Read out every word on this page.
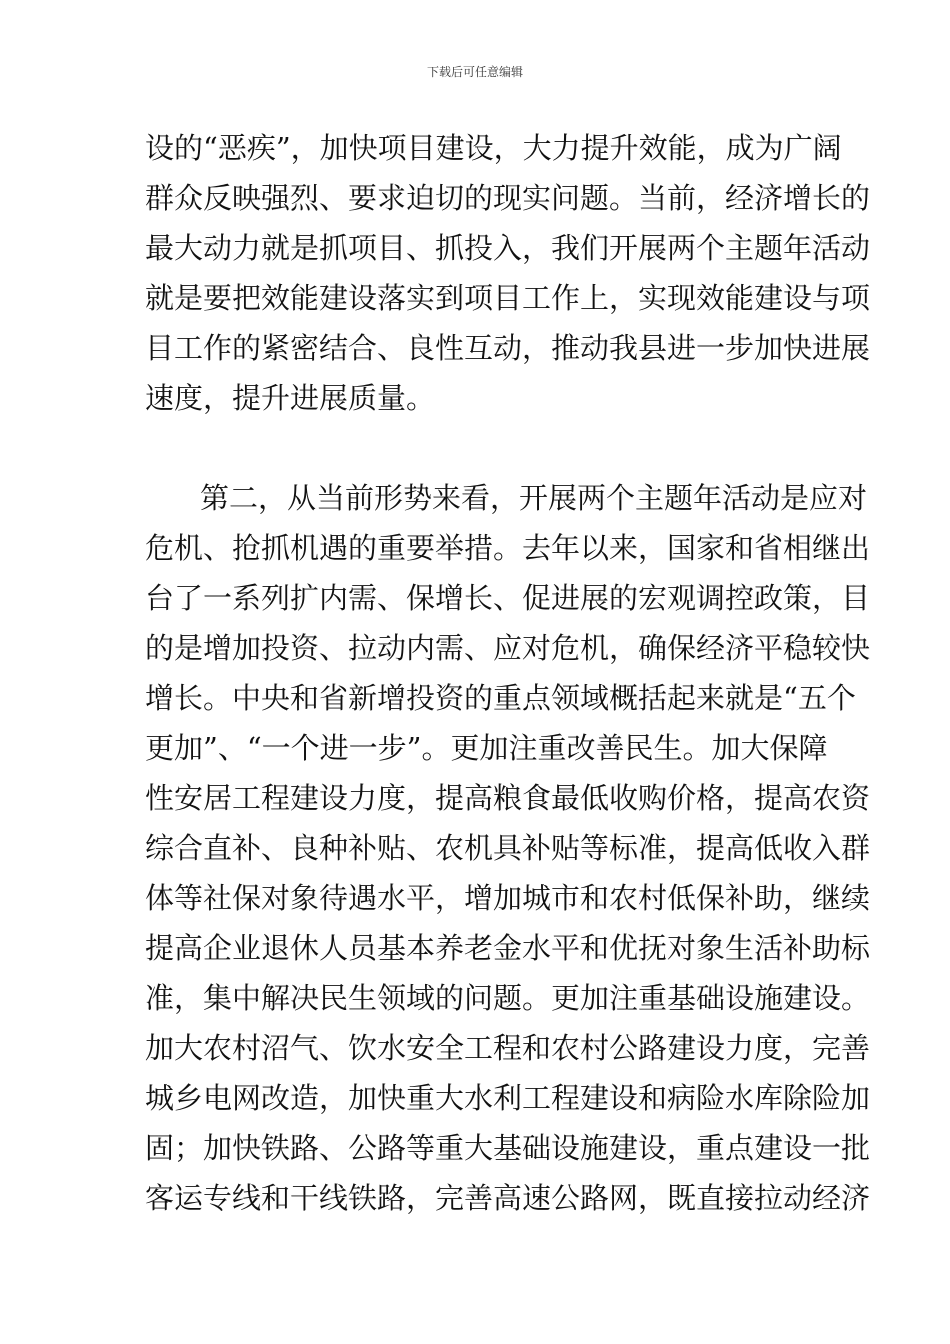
下载后可任意编辑
设的“恶疾”，加快项目建设，大力提升效能，成为广阔
群众反映强烈、要求迫切的现实问题。当前，经济增长的
最大动力就是抓项目、抓投入，我们开展两个主题年活动
就是要把效能建设落实到项目工作上，实现效能建设与项
目工作的紧密结合、良性互动，推动我县进一步加快进展
速度，提升进展质量。
第二，从当前形势来看，开展两个主题年活动是应对
危机、抢抓机遇的重要举措。去年以来，国家和省相继出
台了一系列扩内需、保增长、促进展的宏观调控政策，目
的是增加投资、拉动内需、应对危机，确保经济平稳较快
增长。中央和省新增投资的重点领域概括起来就是“五个
更加”、“一个进一步”。更加注重改善民生。加大保障
性安居工程建设力度，提高粮食最低收购价格，提高农资
综合直补、良种补贴、农机具补贴等标准，提高低收入群
体等社保对象待遇水平，增加城市和农村低保补助，继续
提高企业退休人员基本养老金水平和优抚对象生活补助标
准，集中解决民生领域的问题。更加注重基础设施建设。
加大农村沼气、饮水安全工程和农村公路建设力度，完善
城乡电网改造，加快重大水利工程建设和病险水库除险加
固；加快铁路、公路等重大基础设施建设，重点建设一批
客运专线和干线铁路，完善高速公路网，既直接拉动经济
